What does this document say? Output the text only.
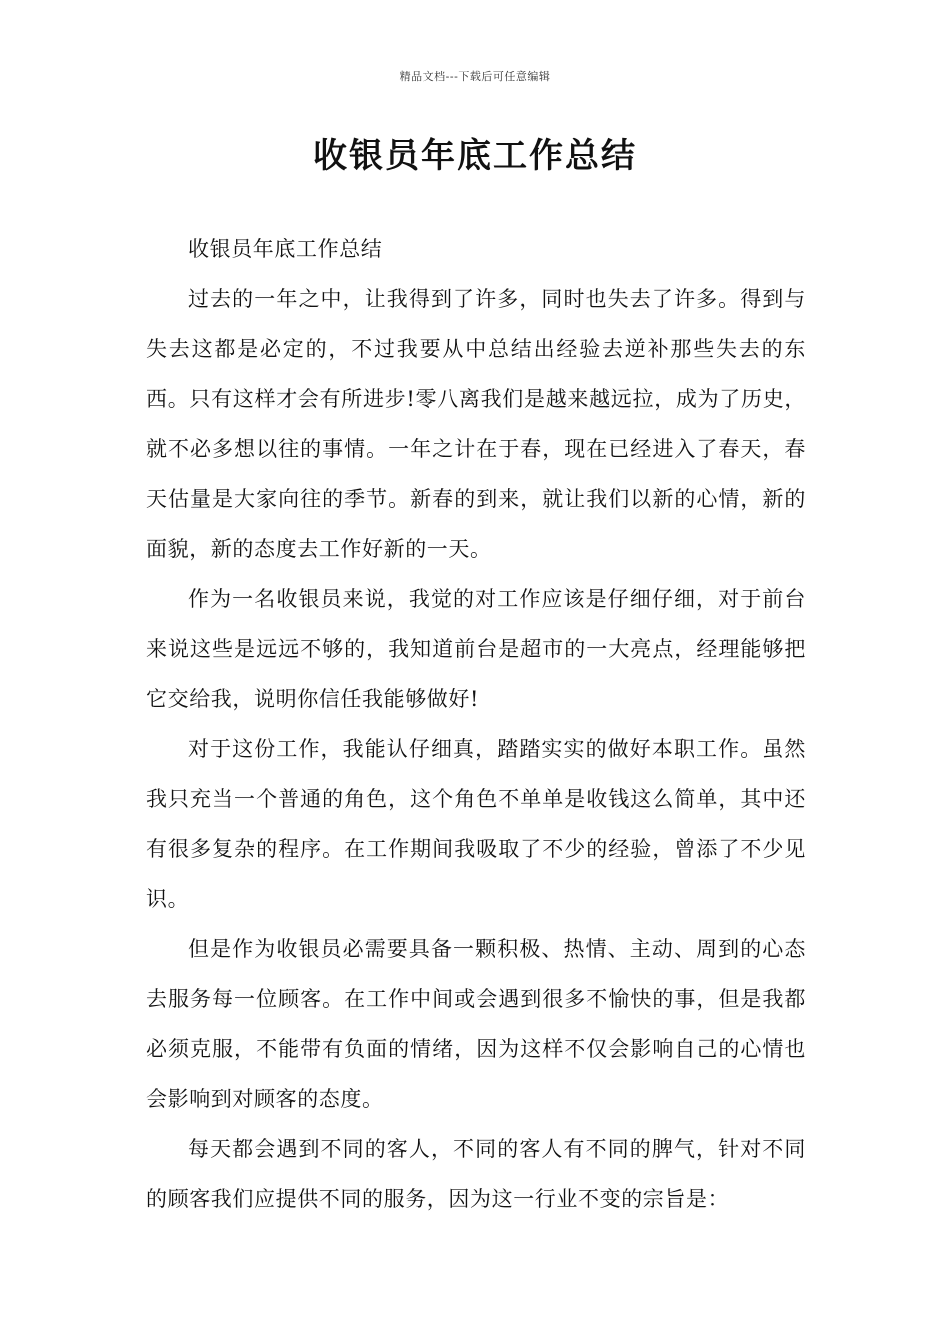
精品文档---下载后可任意编辑
收银员年底工作总结

收银员年底工作总结

过去的一年之中，让我得到了许多，同时也失去了许多。得到与失去这都是必定的，不过我要从中总结出经验去逆补那些失去的东西。只有这样才会有所进步!零八离我们是越来越远拉，成为了历史，就不必多想以往的事情。一年之计在于春，现在已经进入了春天，春天估量是大家向往的季节。新春的到来，就让我们以新的心情，新的面貌，新的态度去工作好新的一天。

作为一名收银员来说，我觉的对工作应该是仔细仔细，对于前台来说这些是远远不够的，我知道前台是超市的一大亮点，经理能够把它交给我，说明你信任我能够做好!

对于这份工作，我能认仔细真，踏踏实实的做好本职工作。虽然我只充当一个普通的角色，这个角色不单单是收钱这么简单，其中还有很多复杂的程序。在工作期间我吸取了不少的经验，曾添了不少见识。

但是作为收银员必需要具备一颗积极、热情、主动、周到的心态去服务每一位顾客。在工作中间或会遇到很多不愉快的事，但是我都必须克服，不能带有负面的情绪，因为这样不仅会影响自己的心情也会影响到对顾客的态度。

每天都会遇到不同的客人，不同的客人有不同的脾气，针对不同的顾客我们应提供不同的服务，因为这一行业不变的宗旨是：
